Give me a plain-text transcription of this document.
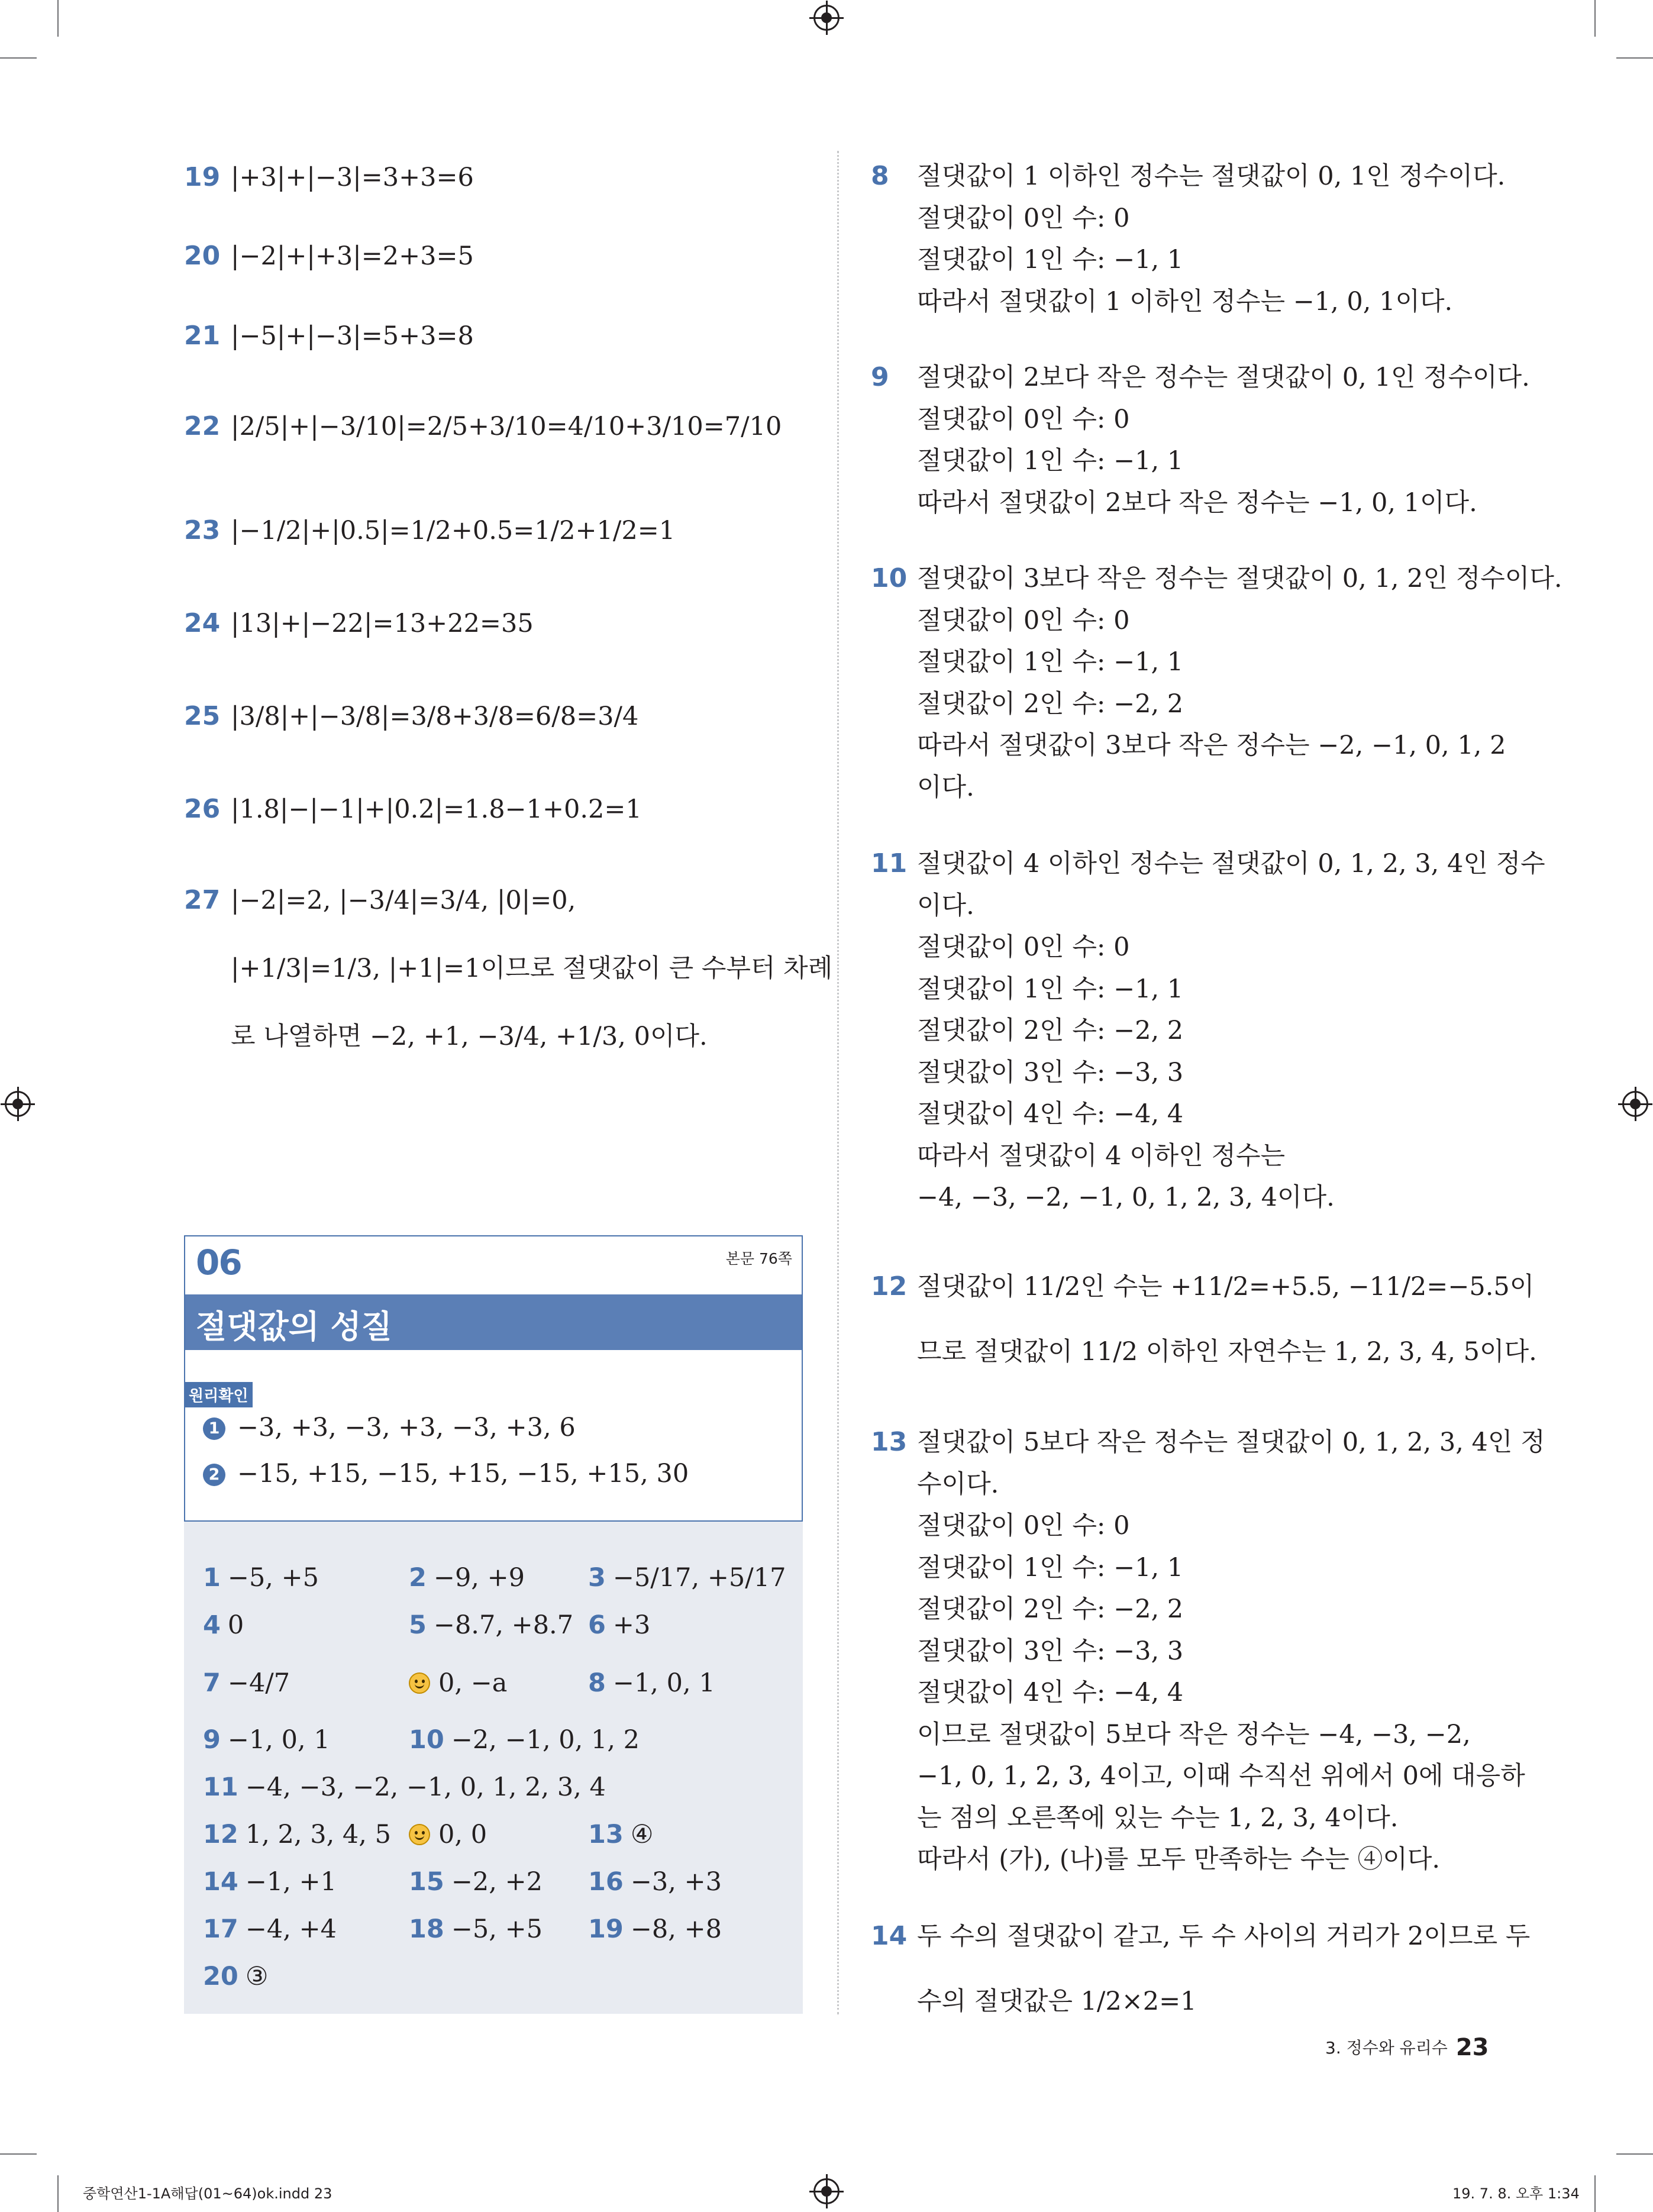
19 |+3|+|−3|=3+3=6
20 |−2|+|+3|=2+3=5
21 |−5|+|−3|=5+3=8
22 |2/5|+|−3/10|=2/5+3/10=4/10+3/10=7/10
23 |−1/2|+|0.5|=1/2+0.5=1/2+1/2=1
24 |13|+|−22|=13+22=35
25 |3/8|+|−3/8|=3/8+3/8=6/8=3/4
26 |1.8|−|−1|+|0.2|=1.8−1+0.2=1
27 |−2|=2, |−3/4|=3/4, |0|=0,
|+1/3|=1/3, |+1|=1이므로 절댓값이 큰 수부터 차례
로 나열하면 −2, +1, −3/4, +1/3, 0이다.
06	본문 76쪽
절댓값의 성질
원리확인
1 −3, +3, −3, +3, −3, +3, 6
2 −15, +15, −15, +15, −15, +15, 30
1 −5, +5	2 −9, +9 3 −5/17, +5/17
4 0	5 −8.7, +8.7 6 +3
7 −4/7	0, −a	8 −1, 0, 1
9 −1, 0, 1	10 −2, −1, 0, 1, 2
11 −4, −3, −2, −1, 0, 1, 2, 3, 4
12 1, 2, 3, 4, 5	0, 0	13 ④
14 −1, +1	15 −2, +2 16 −3, +3
17 −4, +4	18 −5, +5 19 −8, +8
20 ③
8 절댓값이 1 이하인 정수는 절댓값이 0, 1인 정수이다.
절댓값이 0인 수: 0
절댓값이 1인 수: −1, 1
따라서 절댓값이 1 이하인 정수는 −1, 0, 1이다.
9 절댓값이 2보다 작은 정수는 절댓값이 0, 1인 정수이다.
절댓값이 0인 수: 0
절댓값이 1인 수: −1, 1
따라서 절댓값이 2보다 작은 정수는 −1, 0, 1이다.
10 절댓값이 3보다 작은 정수는 절댓값이 0, 1, 2인 정수이다.
절댓값이 0인 수: 0
절댓값이 1인 수: −1, 1
절댓값이 2인 수: −2, 2
따라서 절댓값이 3보다 작은 정수는 −2, −1, 0, 1, 2
이다.
11 절댓값이 4 이하인 정수는 절댓값이 0, 1, 2, 3, 4인 정수
이다.
절댓값이 0인 수: 0
절댓값이 1인 수: −1, 1
절댓값이 2인 수: −2, 2
절댓값이 3인 수: −3, 3
절댓값이 4인 수: −4, 4
따라서 절댓값이 4 이하인 정수는
−4, −3, −2, −1, 0, 1, 2, 3, 4이다.
12 절댓값이 11/2인 수는 +11/2=+5.5, −11/2=−5.5이
므로 절댓값이 11/2 이하인 자연수는 1, 2, 3, 4, 5이다.
13 절댓값이 5보다 작은 정수는 절댓값이 0, 1, 2, 3, 4인 정
수이다.
절댓값이 0인 수: 0
절댓값이 1인 수: −1, 1
절댓값이 2인 수: −2, 2
절댓값이 3인 수: −3, 3
절댓값이 4인 수: −4, 4
이므로 절댓값이 5보다 작은 정수는 −4, −3, −2,
−1, 0, 1, 2, 3, 4이고, 이때 수직선 위에서 0에 대응하
는 점의 오른쪽에 있는 수는 1, 2, 3, 4이다.
따라서 (가), (나)를 모두 만족하는 수는 ④이다.
14 두 수의 절댓값이 같고, 두 수 사이의 거리가 2이므로 두
수의 절댓값은 1/2×2=1
3. 정수와 유리수 23
중학연산1-1A해답(01~64)ok.indd 23	19. 7. 8. 오후 1:34
